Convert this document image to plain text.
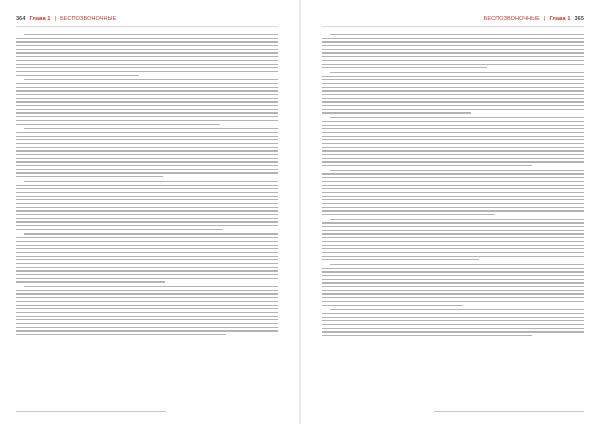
364 Глава 1 | БЕСПОЗВОНОЧНЫЕ	БЕСПОЗВОНОЧНЫЕ | Глава 1 365
